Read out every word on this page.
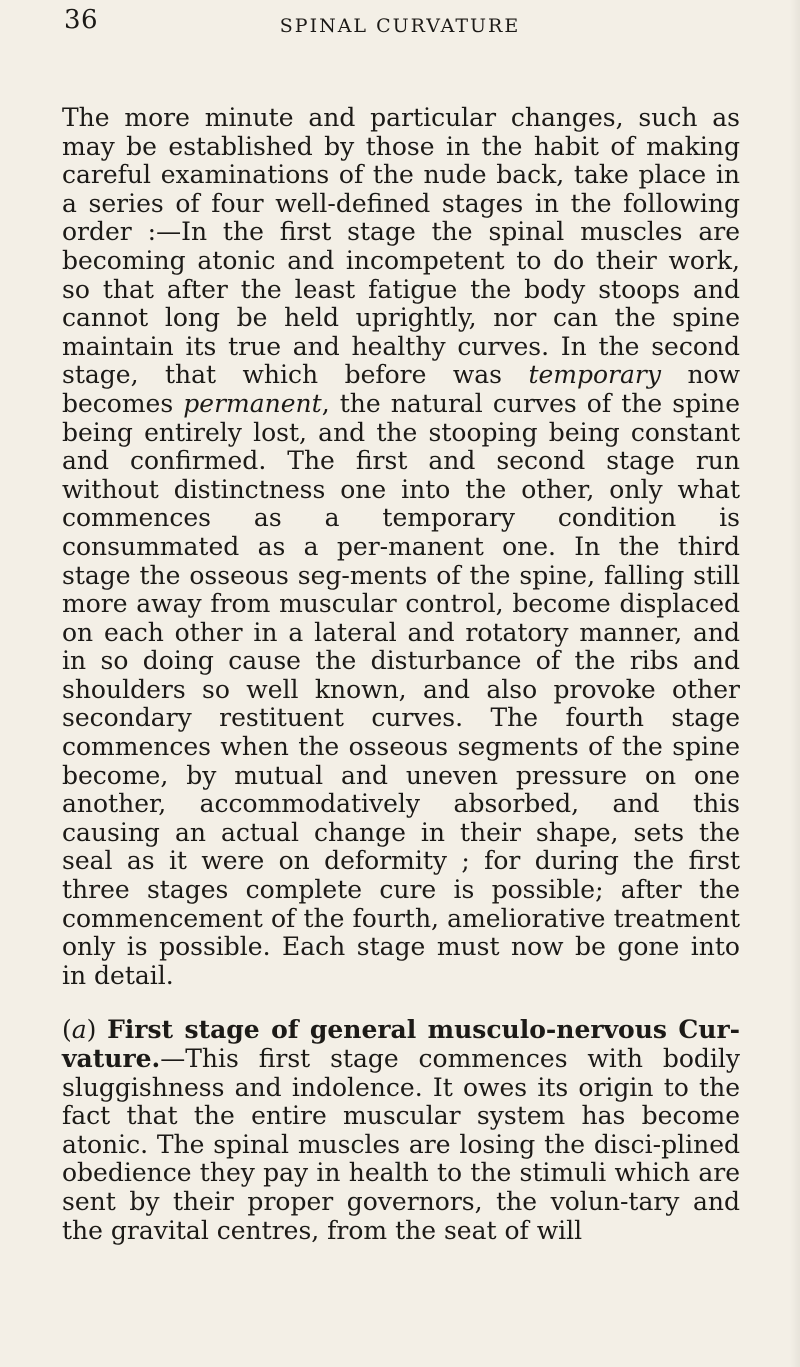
36	SPINAL CURVATURE

The more minute and particular changes, such as may be established by those in the habit of making careful examinations of the nude back, take place in a series of four well-defined stages in the following order :—In the first stage the spinal muscles are becoming atonic and incompetent to do their work, so that after the least fatigue the body stoops and cannot long be held uprightly, nor can the spine maintain its true and healthy curves. In the second stage, that which before was temporary now becomes permanent, the natural curves of the spine being entirely lost, and the stooping being constant and confirmed. The first and second stage run without distinctness one into the other, only what commences as a temporary condition is consummated as a per-manent one. In the third stage the osseous seg-ments of the spine, falling still more away from muscular control, become displaced on each other in a lateral and rotatory manner, and in so doing cause the disturbance of the ribs and shoulders so well known, and also provoke other secondary restituent curves. The fourth stage commences when the osseous segments of the spine become, by mutual and uneven pressure on one another, accommodatively absorbed, and this causing an actual change in their shape, sets the seal as it were on deformity ; for during the first three stages complete cure is possible; after the commencement of the fourth, ameliorative treatment only is possible. Each stage must now be gone into in detail.

(a) First stage of general musculo-nervous Cur-vature.—This first stage commences with bodily sluggishness and indolence. It owes its origin to the fact that the entire muscular system has become atonic. The spinal muscles are losing the disci-plined obedience they pay in health to the stimuli which are sent by their proper governors, the volun-tary and the gravital centres, from the seat of will
